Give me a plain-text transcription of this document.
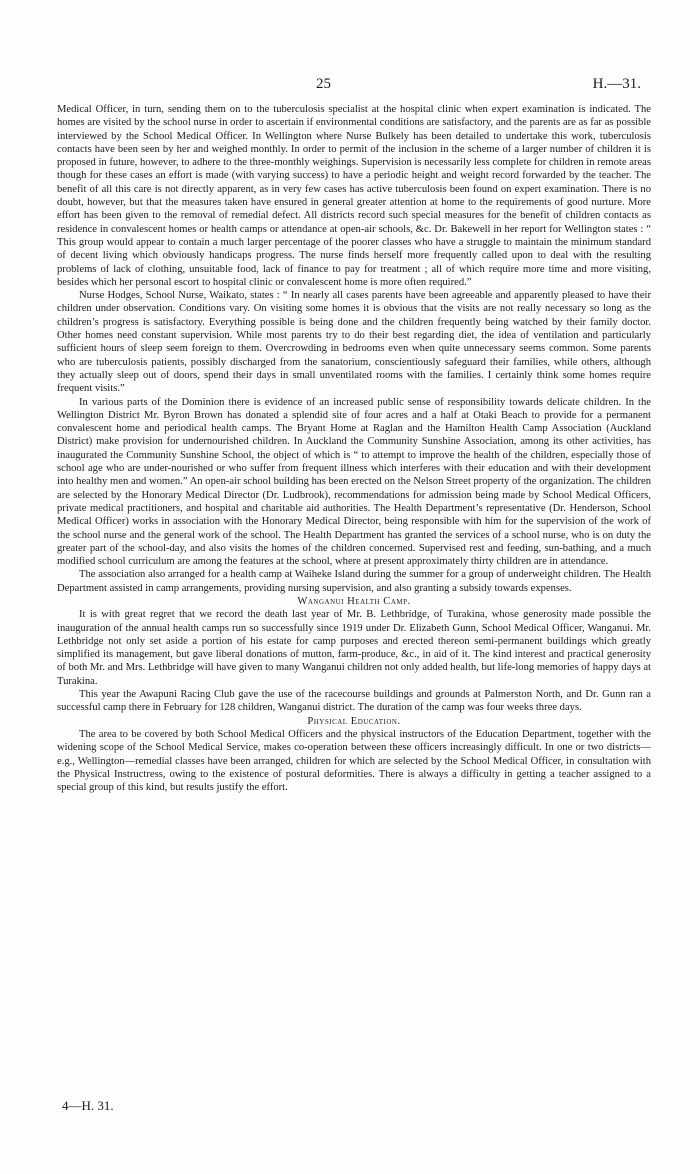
25	H.—31.

Medical Officer, in turn, sending them on to the tuberculosis specialist at the hospital clinic when expert examination is indicated. The homes are visited by the school nurse in order to ascertain if environmental conditions are satisfactory, and the parents are as far as possible interviewed by the School Medical Officer. In Wellington where Nurse Bulkely has been detailed to undertake this work, tuberculosis contacts have been seen by her and weighed monthly. In order to permit of the inclusion in the scheme of a larger number of children it is proposed in future, however, to adhere to the three-monthly weighings. Supervision is necessarily less complete for children in remote areas though for these cases an effort is made (with varying success) to have a periodic height and weight record forwarded by the teacher. The benefit of all this care is not directly apparent, as in very few cases has active tuberculosis been found on expert examination. There is no doubt, however, but that the measures taken have ensured in general greater attention at home to the requirements of good nurture. More effort has been given to the removal of remedial defect. All districts record such special measures for the benefit of children contacts as residence in convalescent homes or health camps or attendance at open-air schools, &c. Dr. Bakewell in her report for Wellington states : “ This group would appear to contain a much larger percentage of the poorer classes who have a struggle to maintain the minimum standard of decent living which obviously handicaps progress. The nurse finds herself more frequently called upon to deal with the resulting problems of lack of clothing, unsuitable food, lack of finance to pay for treatment ; all of which require more time and more visiting, besides which her personal escort to hospital clinic or convalescent home is more often required.”

Nurse Hodges, School Nurse, Waikato, states : “ In nearly all cases parents have been agreeable and apparently pleased to have their children under observation. Conditions vary. On visiting some homes it is obvious that the visits are not really necessary so long as the children’s progress is satisfactory. Everything possible is being done and the children frequently being watched by their family doctor. Other homes need constant supervision. While most parents try to do their best regarding diet, the idea of ventilation and particularly sufficient hours of sleep seem foreign to them. Overcrowding in bedrooms even when quite unnecessary seems common. Some parents who are tuberculosis patients, possibly discharged from the sanatorium, conscientiously safeguard their families, while others, although they actually sleep out of doors, spend their days in small unventilated rooms with the families. I certainly think some homes require frequent visits.”

In various parts of the Dominion there is evidence of an increased public sense of responsibility towards delicate children. In the Wellington District Mr. Byron Brown has donated a splendid site of four acres and a half at Otaki Beach to provide for a permanent convalescent home and periodical health camps. The Bryant Home at Raglan and the Hamilton Health Camp Association (Auckland District) make provision for undernourished children. In Auckland the Community Sunshine Association, among its other activities, has inaugurated the Community Sunshine School, the object of which is “ to attempt to improve the health of the children, especially those of school age who are under-nourished or who suffer from frequent illness which interferes with their education and with their development into healthy men and women.” An open-air school building has been erected on the Nelson Street property of the organization. The children are selected by the Honorary Medical Director (Dr. Ludbrook), recommendations for admission being made by School Medical Officers, private medical practitioners, and hospital and charitable aid authorities. The Health Department’s representative (Dr. Henderson, School Medical Officer) works in association with the Honorary Medical Director, being responsible with him for the supervision of the work of the school nurse and the general work of the school. The Health Department has granted the services of a school nurse, who is on duty the greater part of the school-day, and also visits the homes of the children concerned. Supervised rest and feeding, sun-bathing, and a much modified school curriculum are among the features at the school, where at present approximately thirty children are in attendance.

The association also arranged for a health camp at Waiheke Island during the summer for a group of underweight children. The Health Department assisted in camp arrangements, providing nursing supervision, and also granting a subsidy towards expenses.

Wanganui Health Camp.

It is with great regret that we record the death last year of Mr. B. Lethbridge, of Turakina, whose generosity made possible the inauguration of the annual health camps run so successfully since 1919 under Dr. Elizabeth Gunn, School Medical Officer, Wanganui. Mr. Lethbridge not only set aside a portion of his estate for camp purposes and erected thereon semi-permanent buildings which greatly simplified its management, but gave liberal donations of mutton, farm-produce, &c., in aid of it. The kind interest and practical generosity of both Mr. and Mrs. Lethbridge will have given to many Wanganui children not only added health, but life-long memories of happy days at Turakina.

This year the Awapuni Racing Club gave the use of the racecourse buildings and grounds at Palmerston North, and Dr. Gunn ran a successful camp there in February for 128 children, Wanganui district. The duration of the camp was four weeks three days.

Physical Education.

The area to be covered by both School Medical Officers and the physical instructors of the Education Department, together with the widening scope of the School Medical Service, makes co-operation between these officers increasingly difficult. In one or two districts—e.g., Wellington—remedial classes have been arranged, children for which are selected by the School Medical Officer, in consultation with the Physical Instructress, owing to the existence of postural deformities. There is always a difficulty in getting a teacher assigned to a special group of this kind, but results justify the effort.

4—H. 31.
